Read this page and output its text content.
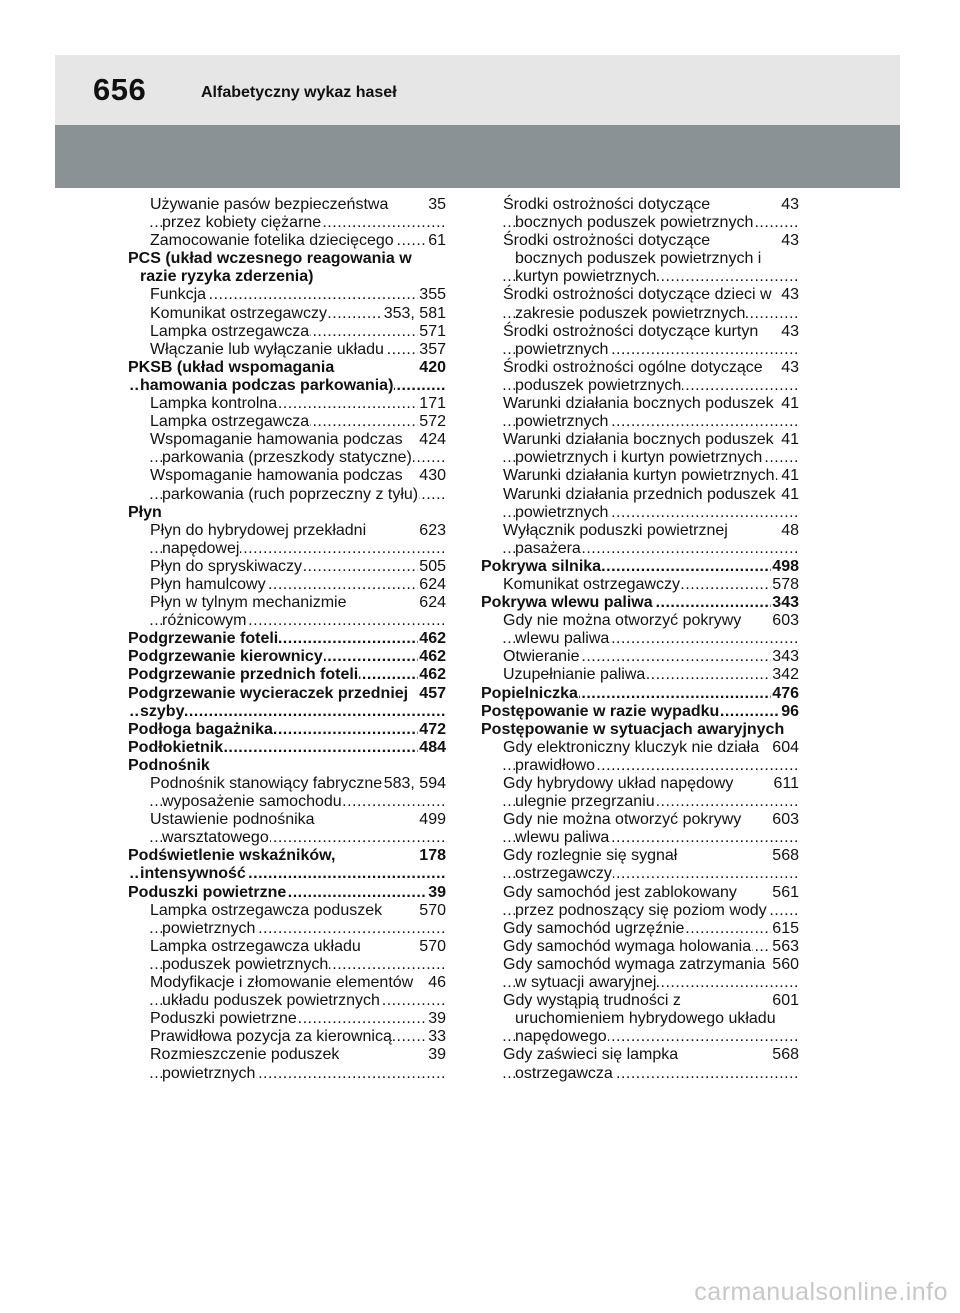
656	Alfabetyczny wykaz haseł
35
Używanie pasów bezpieczeństwa przez kobiety ciężarne .....
61
Zamocowanie fotelika dziecięcego .....
PCS (układ wczesnego reagowania w razie ryzyka zderzenia)
355
Funkcja .....
353, 581
Komunikat ostrzegawczy .....
571
Lampka ostrzegawcza .....
357
Włączanie lub wyłączanie układu .....
420
PKSB (układ wspomagania hamowania podczas parkowania) .....
171
Lampka kontrolna .....
572
Lampka ostrzegawcza .....
424
Wspomaganie hamowania podczas parkowania (przeszkody statyczne) .....
430
Wspomaganie hamowania podczas parkowania (ruch poprzeczny z tyłu) .....
Płyn
623
Płyn do hybrydowej przekładni napędowej .....
505
Płyn do spryskiwaczy .....
624
Płyn hamulcowy .....
624
Płyn w tylnym mechanizmie różnicowym .....
462
Podgrzewanie foteli .....
462
Podgrzewanie kierownicy .....
462
Podgrzewanie przednich foteli .....
457
Podgrzewanie wycieraczek przedniej szyby .....
472
Podłoga bagażnika .....
484
Podłokietnik .....
Podnośnik
583, 594
Podnośnik stanowiący fabryczne wyposażenie samochodu .....
499
Ustawienie podnośnika warsztatowego .....
178
Podświetlenie wskaźników, intensywność .....
39
Poduszki powietrzne .....
570
Lampka ostrzegawcza poduszek powietrznych .....
570
Lampka ostrzegawcza układu poduszek powietrznych .....
46
Modyfikacje i złomowanie elementów układu poduszek powietrznych .....
39
Poduszki powietrzne .....
33
Prawidłowa pozycja za kierownicą .....
39
Rozmieszczenie poduszek powietrznych .....
43
Środki ostrożności dotyczące bocznych poduszek powietrznych .....
43
Środki ostrożności dotyczące bocznych poduszek powietrznych i kurtyn powietrznych .....
43
Środki ostrożności dotyczące dzieci w zakresie poduszek powietrznych .....
43
Środki ostrożności dotyczące kurtyn powietrznych .....
43
Środki ostrożności ogólne dotyczące poduszek powietrznych .....
41
Warunki działania bocznych poduszek powietrznych .....
41
Warunki działania bocznych poduszek powietrznych i kurtyn powietrznych .....
41
Warunki działania kurtyn powietrznych .....
41
Warunki działania przednich poduszek powietrznych .....
48
Wyłącznik poduszki powietrznej pasażera .....
498
Pokrywa silnika .....
578
Komunikat ostrzegawczy .....
343
Pokrywa wlewu paliwa .....
603
Gdy nie można otworzyć pokrywy wlewu paliwa .....
343
Otwieranie .....
342
Uzupełnianie paliwa .....
476
Popielniczka .....
96
Postępowanie w razie wypadku .....
Postępowanie w sytuacjach awaryjnych
604
Gdy elektroniczny kluczyk nie działa prawidłowo .....
611
Gdy hybrydowy układ napędowy ulegnie przegrzaniu .....
603
Gdy nie można otworzyć pokrywy wlewu paliwa .....
568
Gdy rozlegnie się sygnał ostrzegawczy .....
561
Gdy samochód jest zablokowany przez podnoszący się poziom wody .....
615
Gdy samochód ugrzęźnie .....
563
Gdy samochód wymaga holowania .....
560
Gdy samochód wymaga zatrzymania w sytuacji awaryjnej .....
601
Gdy wystąpią trudności z uruchomieniem hybrydowego układu napędowego .....
568
Gdy zaświeci się lampka ostrzegawcza .....
carmanualsonline.info
